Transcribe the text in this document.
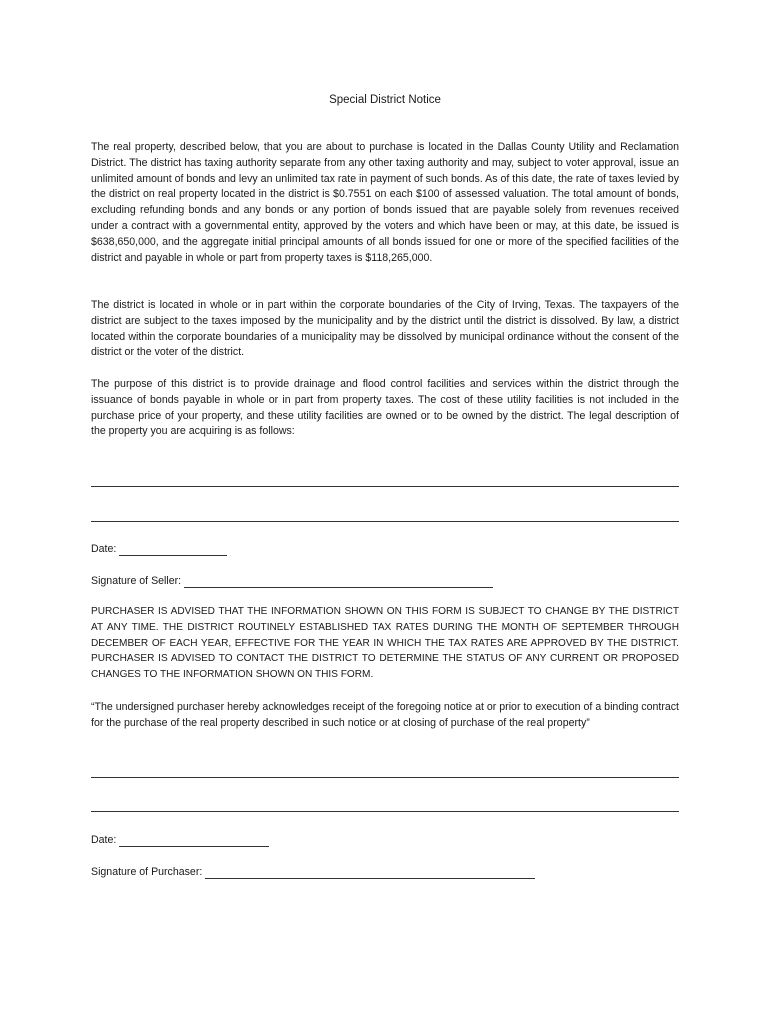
Special District Notice

The real property, described below, that you are about to purchase is located in the Dallas County Utility and Reclamation District. The district has taxing authority separate from any other taxing authority and may, subject to voter approval, issue an unlimited amount of bonds and levy an unlimited tax rate in payment of such bonds. As of this date, the rate of taxes levied by the district on real property located in the district is $0.7551 on each $100 of assessed valuation. The total amount of bonds, excluding refunding bonds and any bonds or any portion of bonds issued that are payable solely from revenues received under a contract with a governmental entity, approved by the voters and which have been or may, at this date, be issued is $638,650,000, and the aggregate initial principal amounts of all bonds issued for one or more of the specified facilities of the district and payable in whole or part from property taxes is $118,265,000.

The district is located in whole or in part within the corporate boundaries of the City of Irving, Texas. The taxpayers of the district are subject to the taxes imposed by the municipality and by the district until the district is dissolved. By law, a district located within the corporate boundaries of a municipality may be dissolved by municipal ordinance without the consent of the district or the voter of the district.

The purpose of this district is to provide drainage and flood control facilities and services within the district through the issuance of bonds payable in whole or in part from property taxes. The cost of these utility facilities is not included in the purchase price of your property, and these utility facilities are owned or to be owned by the district. The legal description of the property you are acquiring is as follows:

Date:
Signature of Seller:

PURCHASER IS ADVISED THAT THE INFORMATION SHOWN ON THIS FORM IS SUBJECT TO CHANGE BY THE DISTRICT AT ANY TIME. THE DISTRICT ROUTINELY ESTABLISHED TAX RATES DURING THE MONTH OF SEPTEMBER THROUGH DECEMBER OF EACH YEAR, EFFECTIVE FOR THE YEAR IN WHICH THE TAX RATES ARE APPROVED BY THE DISTRICT. PURCHASER IS ADVISED TO CONTACT THE DISTRICT TO DETERMINE THE STATUS OF ANY CURRENT OR PROPOSED CHANGES TO THE INFORMATION SHOWN ON THIS FORM.

“The undersigned purchaser hereby acknowledges receipt of the foregoing notice at or prior to execution of a binding contract for the purchase of the real property described in such notice or at closing of purchase of the real property”

Date:
Signature of Purchaser:
